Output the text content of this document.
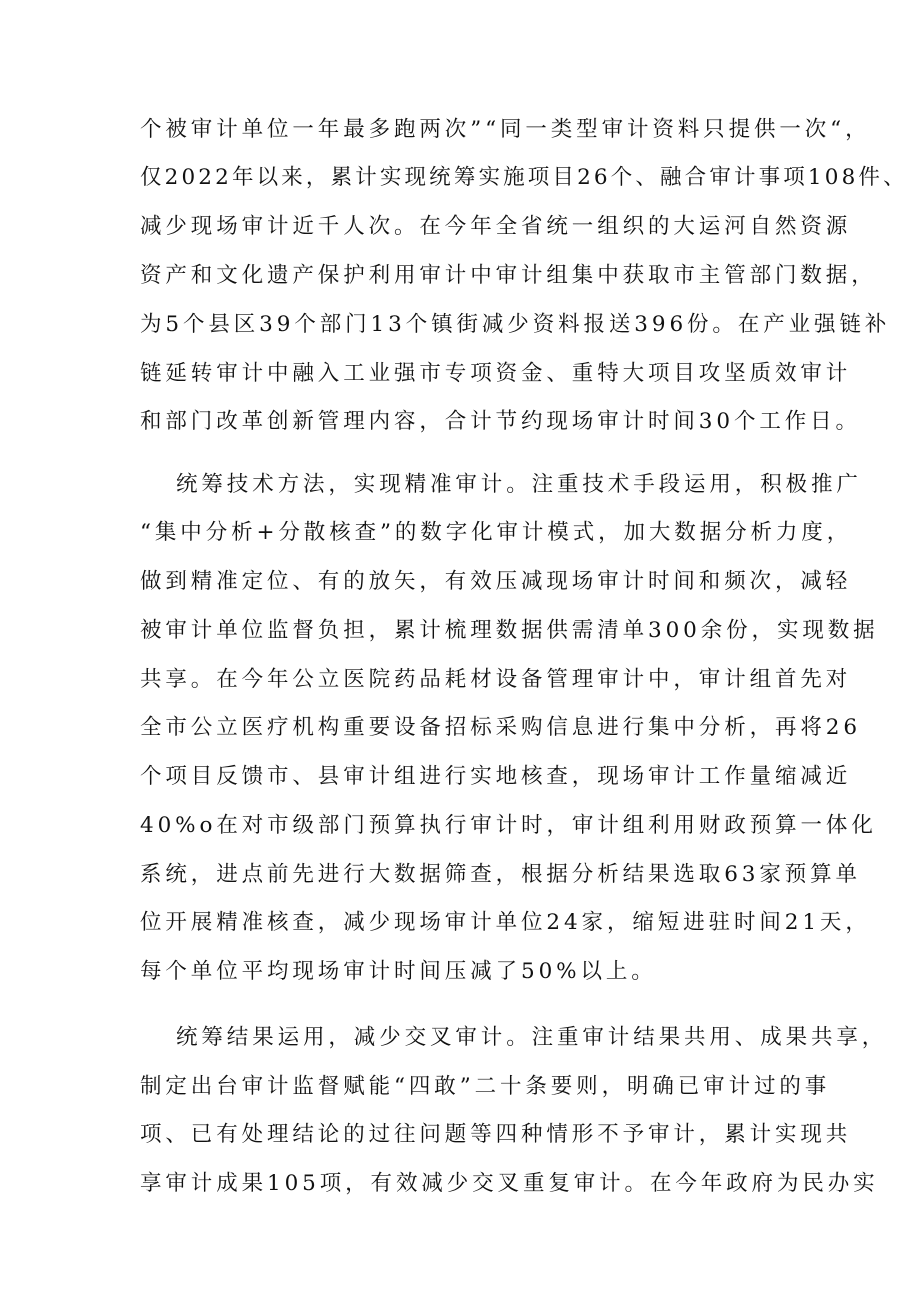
个被审计单位一年最多跑两次”“同一类型审计资料只提供一次“，
仅2022年以来，累计实现统筹实施项目26个、融合审计事项108件、
减少现场审计近千人次。在今年全省统一组织的大运河自然资源
资产和文化遗产保护利用审计中审计组集中获取市主管部门数据，
为5个县区39个部门13个镇街减少资料报送396份。在产业强链补
链延转审计中融入工业强市专项资金、重特大项目攻坚质效审计
和部门改革创新管理内容，合计节约现场审计时间30个工作日。
统筹技术方法，实现精准审计。注重技术手段运用，积极推广
“集中分析+分散核查”的数字化审计模式，加大数据分析力度，
做到精准定位、有的放矢，有效压减现场审计时间和频次，减轻
被审计单位监督负担，累计梳理数据供需清单300余份，实现数据
共享。在今年公立医院药品耗材设备管理审计中，审计组首先对
全市公立医疗机构重要设备招标采购信息进行集中分析，再将26
个项目反馈市、县审计组进行实地核查，现场审计工作量缩减近
40%o在对市级部门预算执行审计时，审计组利用财政预算一体化
系统，进点前先进行大数据筛查，根据分析结果选取63家预算单
位开展精准核查，减少现场审计单位24家，缩短进驻时间21天，
每个单位平均现场审计时间压减了50%以上。
统筹结果运用，减少交叉审计。注重审计结果共用、成果共享，
制定出台审计监督赋能“四敢”二十条要则，明确已审计过的事
项、已有处理结论的过往问题等四种情形不予审计，累计实现共
享审计成果105项，有效减少交叉重复审计。在今年政府为民办实
